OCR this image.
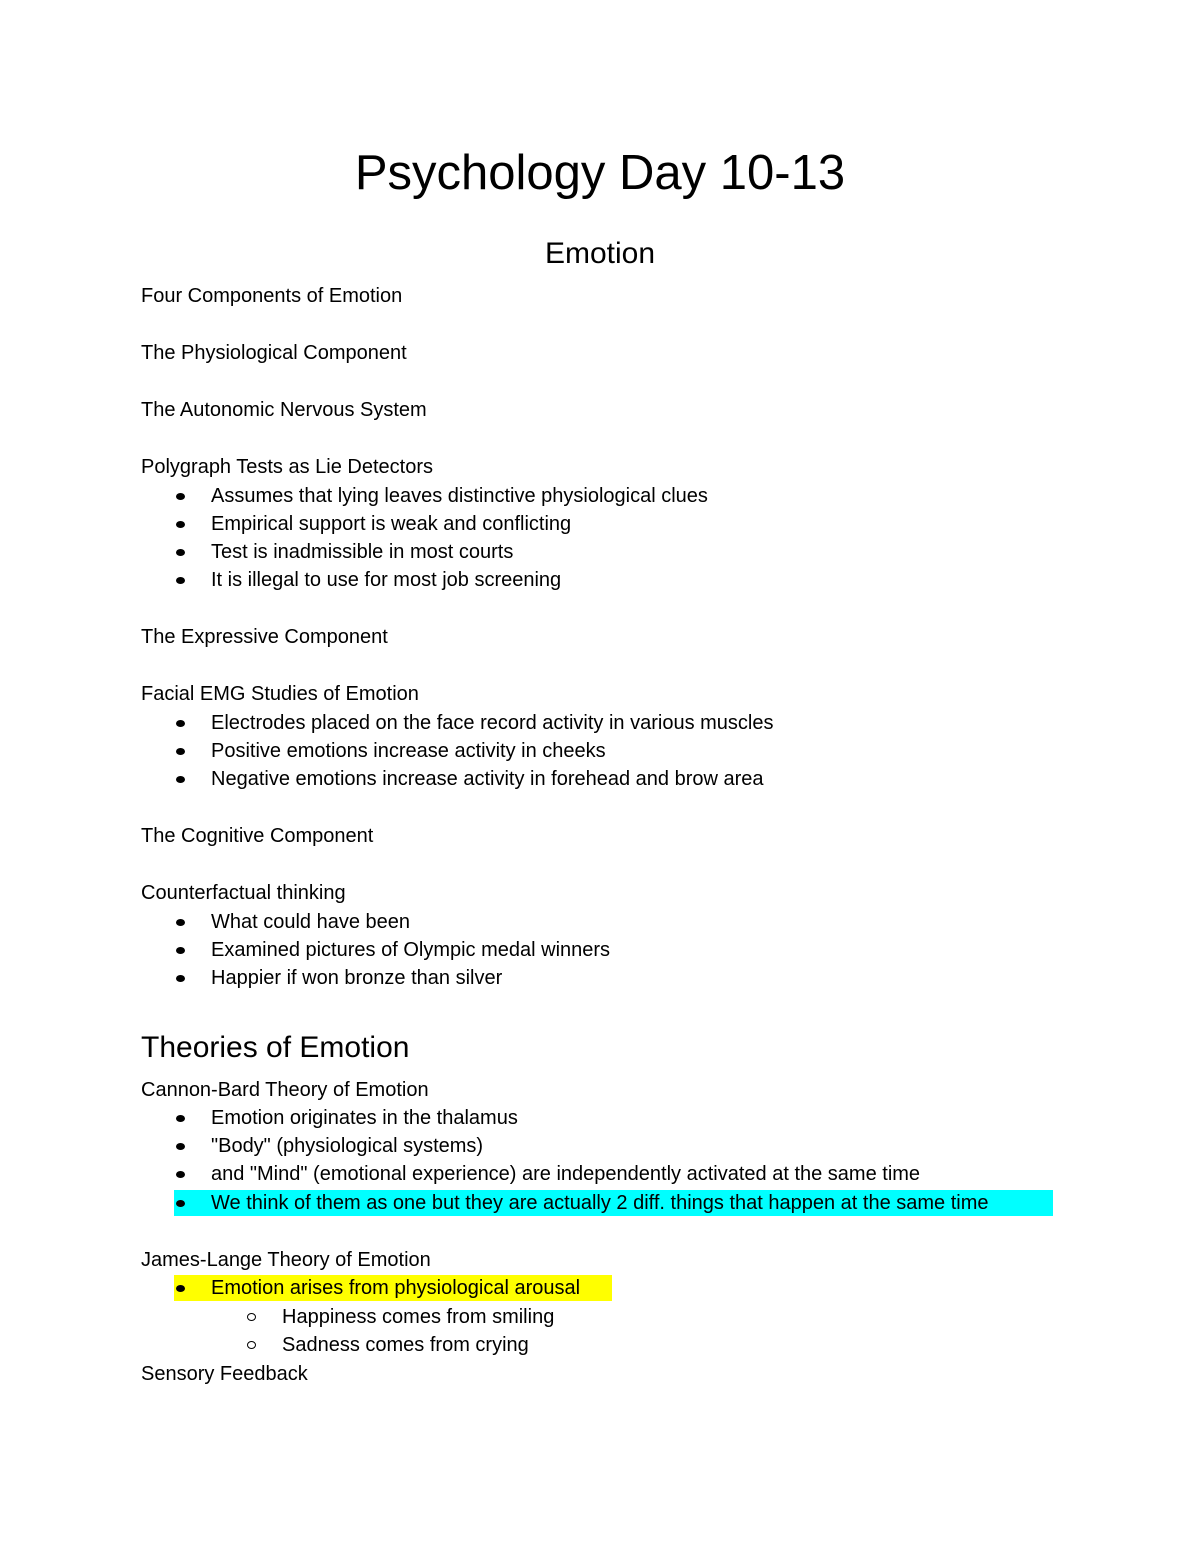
Psychology Day 10-13
Emotion
Four Components of Emotion
The Physiological Component
The Autonomic Nervous System
Polygraph Tests as Lie Detectors
Assumes that lying leaves distinctive physiological clues
Empirical support is weak and conflicting
Test is inadmissible in most courts
It is illegal to use for most job screening
The Expressive Component
Facial EMG Studies of Emotion
Electrodes placed on the face record activity in various muscles
Positive emotions increase activity in cheeks
Negative emotions increase activity in forehead and brow area
The Cognitive Component
Counterfactual thinking
What could have been
Examined pictures of Olympic medal winners
Happier if won bronze than silver
Theories of Emotion
Cannon-Bard Theory of Emotion
Emotion originates in the thalamus
"Body" (physiological systems)
and "Mind" (emotional experience) are independently activated at the same time
We think of them as one but they are actually 2 diff. things that happen at the same time
James-Lange Theory of Emotion
Emotion arises from physiological arousal
Happiness comes from smiling
Sadness comes from crying
Sensory Feedback
